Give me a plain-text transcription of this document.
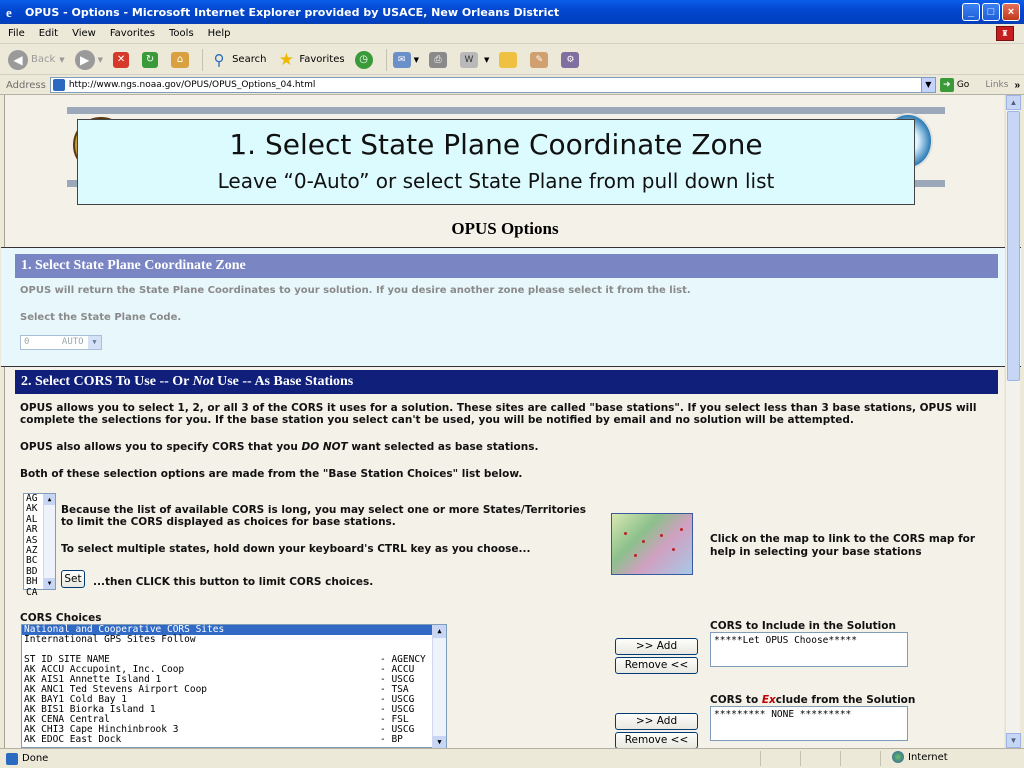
e	OPUS - Options - Microsoft Internet Explorer provided by USACE, New Orleans District	_	□	×
File Edit View Favorites Tools Help	♜
◀ Back ▼	▶	▼	✕	↻	⌂	⚲ Search ★ Favorites	◷	✉	▼	⎙	W	▼	✎	⚙
Address	http://www.ngs.noaa.gov/OPUS/OPUS_Options_04.html	▼	➜ Go Links »
1. Select State Plane Coordinate Zone
Leave “0-Auto” or select State Plane from pull down list
OPUS Options
1. Select State Plane Coordinate Zone
OPUS will return the State Plane Coordinates to your solution. If you desire another zone please select it from the list.
Select the State Plane Code.
0      AUTO	▼
2. Select CORS To Use -- Or Not Use -- As Base Stations
OPUS allows you to select 1, 2, or all 3 of the CORS it uses for a solution. These sites are called "base stations". If you select less than 3 base stations, OPUS will
complete the selections for you. If the base station you select can't be used, you will be notified by email and no solution will be attempted.
OPUS also allows you to specify CORS that you DO NOT want selected as base stations.
Both of these selection options are made from the "Base Station Choices" list below.
AG
AK
AL
AR
AS
AZ
BC
BD
BH
CA
▲
▼
Because the list of available CORS is long, you may select one or more States/Territories
to limit the CORS displayed as choices for base stations.
To select multiple states, hold down your keyboard's CTRL key as you choose...
Set	...then CLICK this button to limit CORS choices.
Click on the map to link to the CORS map for
help in selecting your base stations
CORS Choices
National and Cooperative CORS Sites
International GPS Sites Follow
ST ID SITE NAME	- AGENCY
AK ACCU Accupoint, Inc. Coop	- ACCU
AK AIS1 Annette Island 1	- USCG
AK ANC1 Ted Stevens Airport Coop	- TSA
AK BAY1 Cold Bay 1	- USCG
AK BIS1 Biorka Island 1	- USCG
AK CENA Central	- FSL
AK CHI3 Cape Hinchinbrook 3	- USCG
AK EDOC East Dock	- BP
▲
▼
>> Add
Remove <<
CORS to Include in the Solution
*****Let OPUS Choose*****
CORS to Exclude from the Solution
********* NONE *********
>> Add
Remove <<
▲
▼
Done	Internet
